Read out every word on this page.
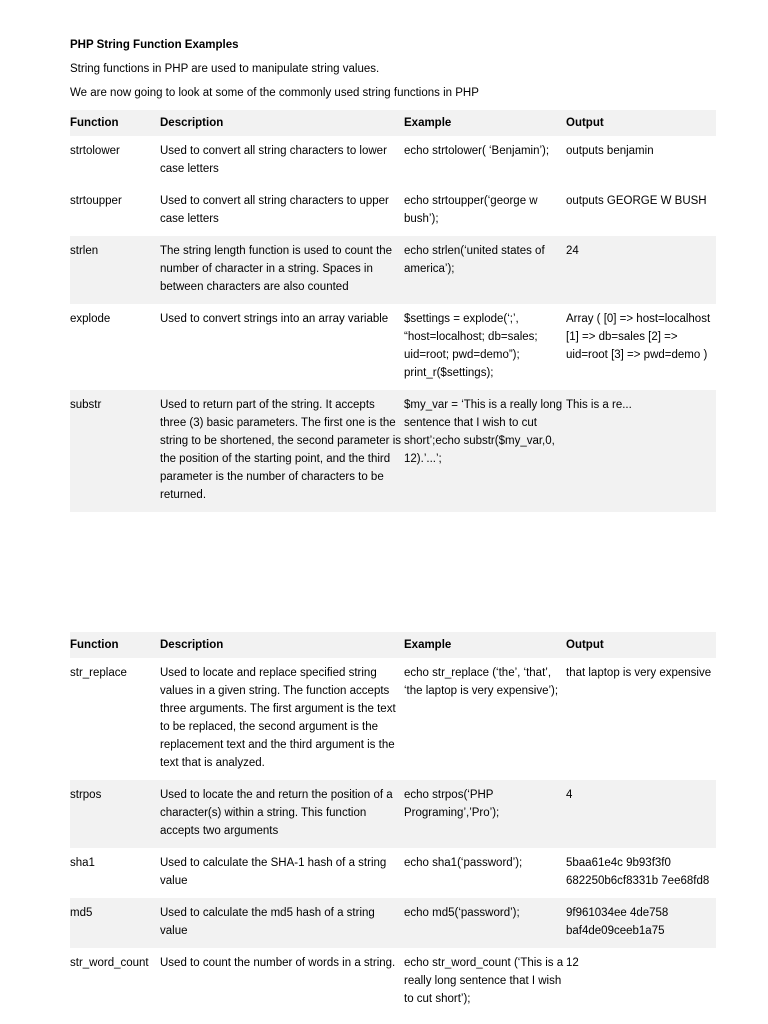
PHP String Function Examples
String functions in PHP are used to manipulate string values.
We are now going to look at some of the commonly used string functions in PHP
Function	Description	Example	Output
strtolower	Used to convert all string characters to lower case letters	echo strtolower( ‘Benjamin’);	outputs benjamin
strtoupper	Used to convert all string characters to upper case letters	echo strtoupper(‘george w bush’);	outputs GEORGE W BUSH
strlen	The string length function is used to count the number of character in a string. Spaces in between characters are also counted	echo strlen(‘united states of america’);	24
explode	Used to convert strings into an array variable	$settings = explode(‘;’, “host=localhost; db=sales; uid=root; pwd=demo”); print_r($settings);	Array ( [0] => host=localhost [1] => db=sales [2] => uid=root [3] => pwd=demo )
substr	Used to return part of the string. It accepts three (3) basic parameters. The first one is the string to be shortened, the second parameter is the position of the starting point, and the third parameter is the number of characters to be returned.	$my_var = ‘This is a really long sentence that I wish to cut short’;echo substr($my_var,0, 12).’...’;	This is a re...
Function	Description	Example	Output
str_replace	Used to locate and replace specified string values in a given string. The function accepts three arguments. The first argument is the text to be replaced, the second argument is the replacement text and the third argument is the text that is analyzed.	echo str_replace (‘the’, ‘that’, ‘the laptop is very expensive’);	that laptop is very expensive
strpos	Used to locate the and return the position of a character(s) within a string. This function accepts two arguments	echo strpos(‘PHP Programing’,’Pro’);	4
sha1	Used to calculate the SHA-1 hash of a string value	echo sha1(‘password’);	5baa61e4c 9b93f3f0 682250b6cf8331b 7ee68fd8
md5	Used to calculate the md5 hash of a string value	echo md5(‘password’);	9f961034ee 4de758 baf4de09ceeb1a75
str_word_count	Used to count the number of words in a string.	echo str_word_count (‘This is a really long sentence that I wish to cut short’);	12
